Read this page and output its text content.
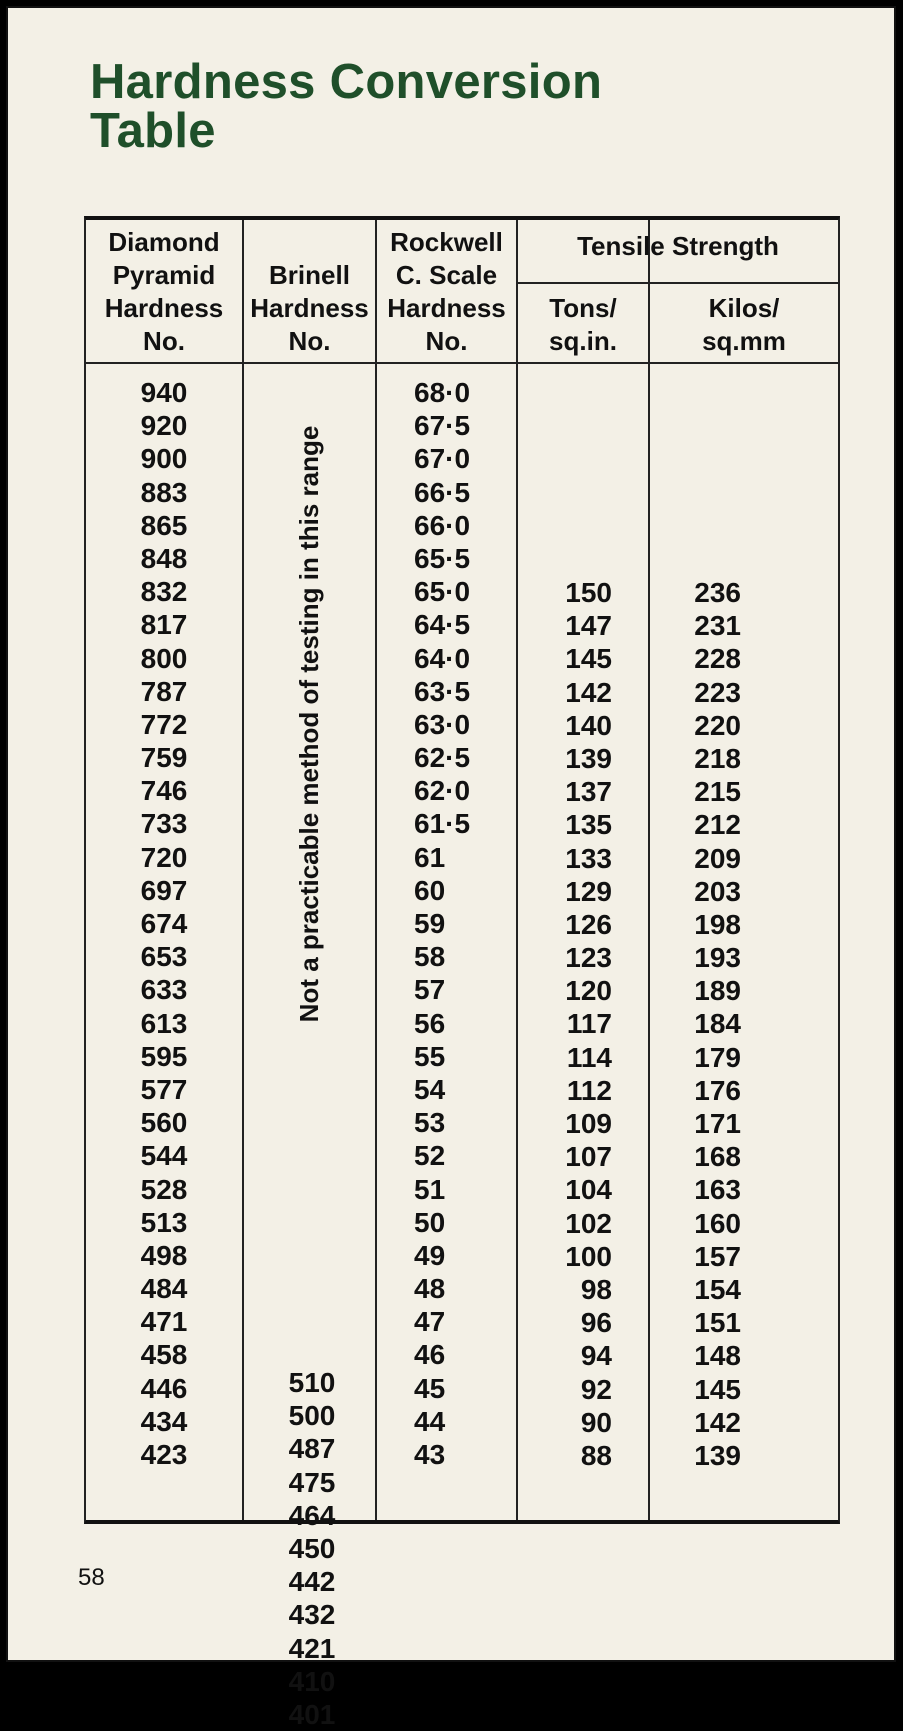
Hardness Conversion
Table
Diamond
Pyramid
Hardness
No.
Brinell
Hardness
No.
Rockwell
C. Scale
Hardness
No.
Tensile Strength
Tons/
sq.in.
Kilos/
sq.mm
940
920
900
883
865
848
832
817
800
787
772
759
746
733
720
697
674
653
633
613
595
577
560
544
528
513
498
484
471
458
446
434
423
Not a practicable method of testing in this range
510
500
487
475
464
450
442
432
421
410
401
68·0
67·5
67·0
66·5
66·0
65·5
65·0
64·5
64·0
63·5
63·0
62·5
62·0
61·5
61
60
59
58
57
56
55
54
53
52
51
50
49
48
47
46
45
44
43
150
147
145
142
140
139
137
135
133
129
126
123
120
117
114
112
109
107
104
102
100
98
96
94
92
90
88
236
231
228
223
220
218
215
212
209
203
198
193
189
184
179
176
171
168
163
160
157
154
151
148
145
142
139
58
